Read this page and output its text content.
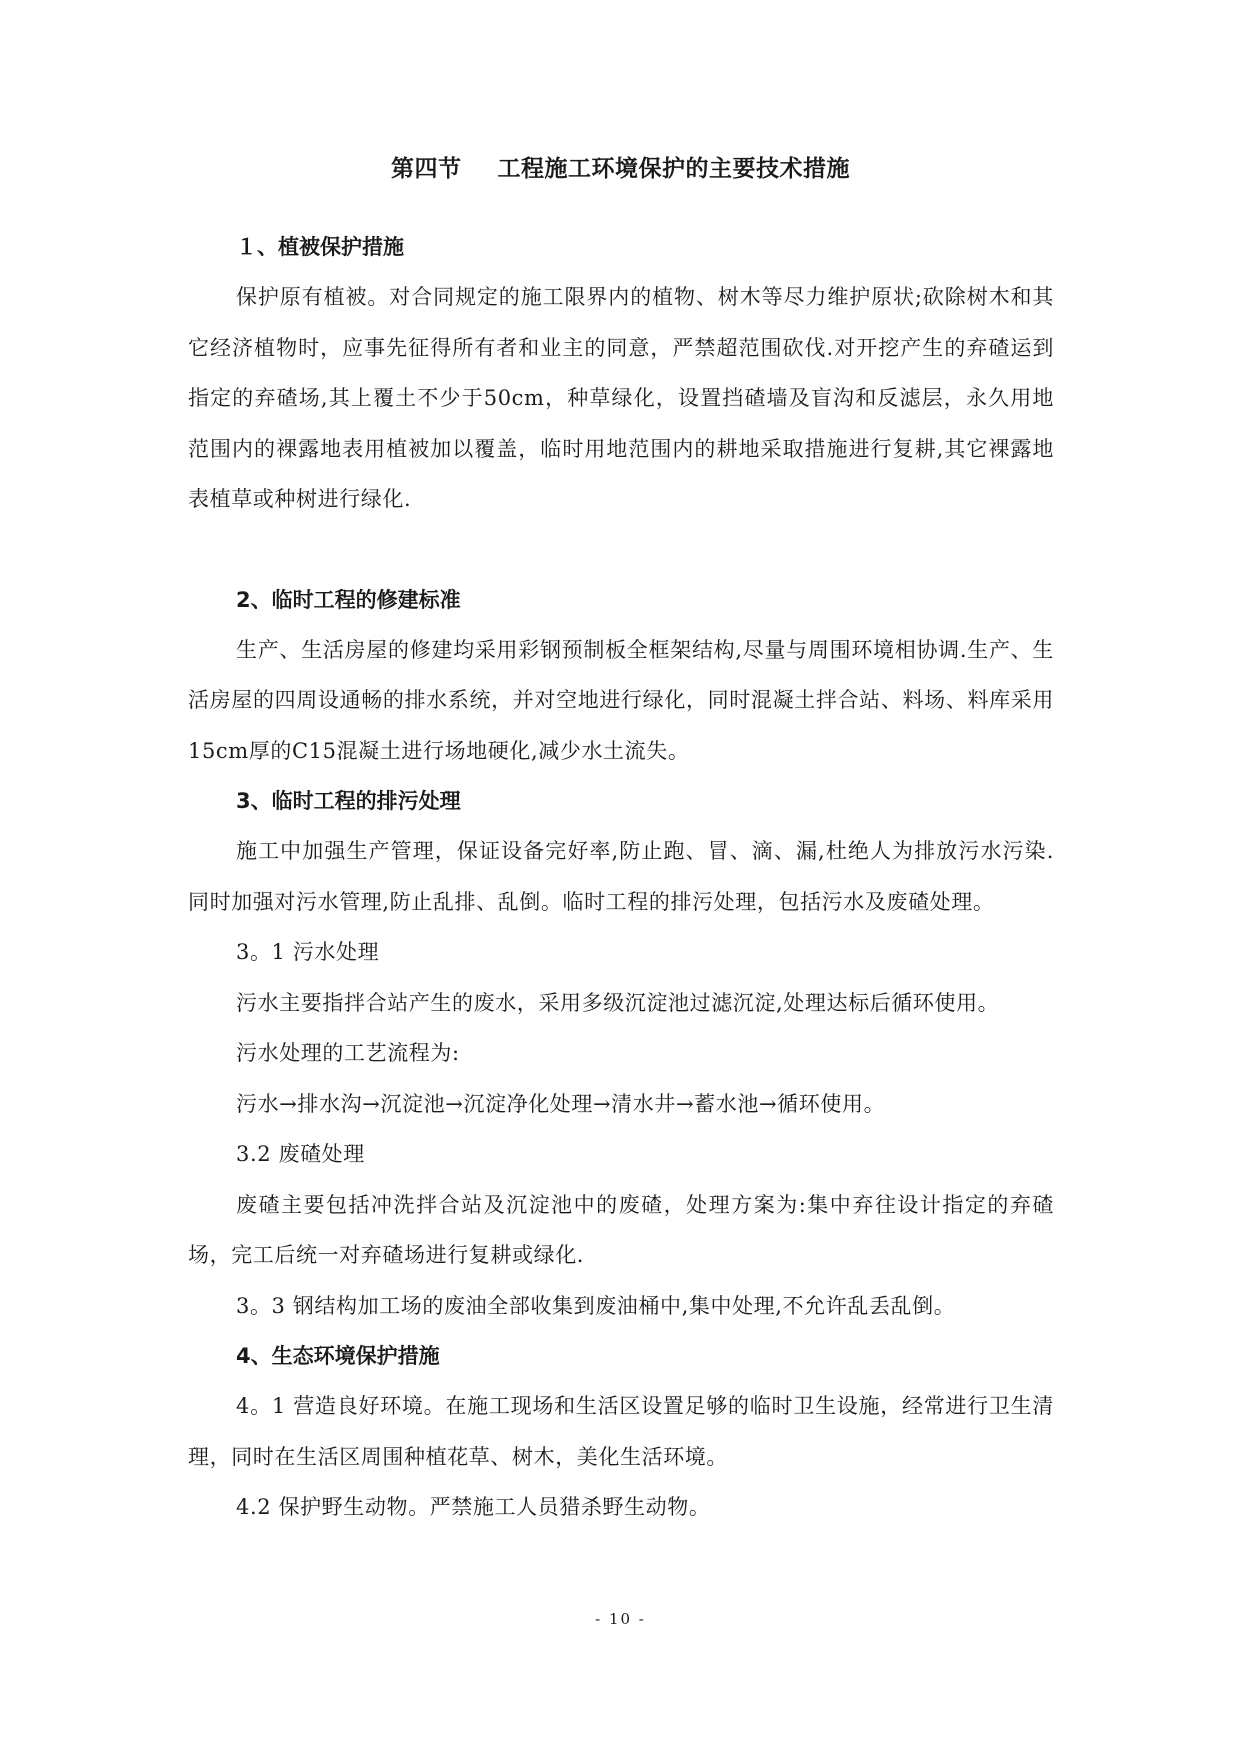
第四节 工程施工环境保护的主要技术措施
１、植被保护措施

保护原有植被。对合同规定的施工限界内的植物、树木等尽力维护原状;砍除树木和其它经济植物时，应事先征得所有者和业主的同意，严禁超范围砍伐.对开挖产生的弃碴运到指定的弃碴场,其上覆土不少于50cm，种草绿化，设置挡碴墙及盲沟和反滤层，永久用地范围内的裸露地表用植被加以覆盖，临时用地范围内的耕地采取措施进行复耕,其它裸露地表植草或种树进行绿化.

2、临时工程的修建标准

生产、生活房屋的修建均采用彩钢预制板全框架结构,尽量与周围环境相协调.生产、生活房屋的四周设通畅的排水系统，并对空地进行绿化，同时混凝土拌合站、料场、料库采用15cm厚的C15混凝土进行场地硬化,减少水土流失。

3、临时工程的排污处理

施工中加强生产管理，保证设备完好率,防止跑、冒、滴、漏,杜绝人为排放污水污染.同时加强对污水管理,防止乱排、乱倒。临时工程的排污处理，包括污水及废碴处理。

3。1 污水处理

污水主要指拌合站产生的废水，采用多级沉淀池过滤沉淀,处理达标后循环使用。

污水处理的工艺流程为:

污水→排水沟→沉淀池→沉淀净化处理→清水井→蓄水池→循环使用。

3.2 废碴处理

废碴主要包括冲洗拌合站及沉淀池中的废碴，处理方案为:集中弃往设计指定的弃碴场，完工后统一对弃碴场进行复耕或绿化.

3。3 钢结构加工场的废油全部收集到废油桶中,集中处理,不允许乱丢乱倒。

4、生态环境保护措施

4。1 营造良好环境。在施工现场和生活区设置足够的临时卫生设施，经常进行卫生清理，同时在生活区周围种植花草、树木，美化生活环境。

4.2 保护野生动物。严禁施工人员猎杀野生动物。

- 10 -
